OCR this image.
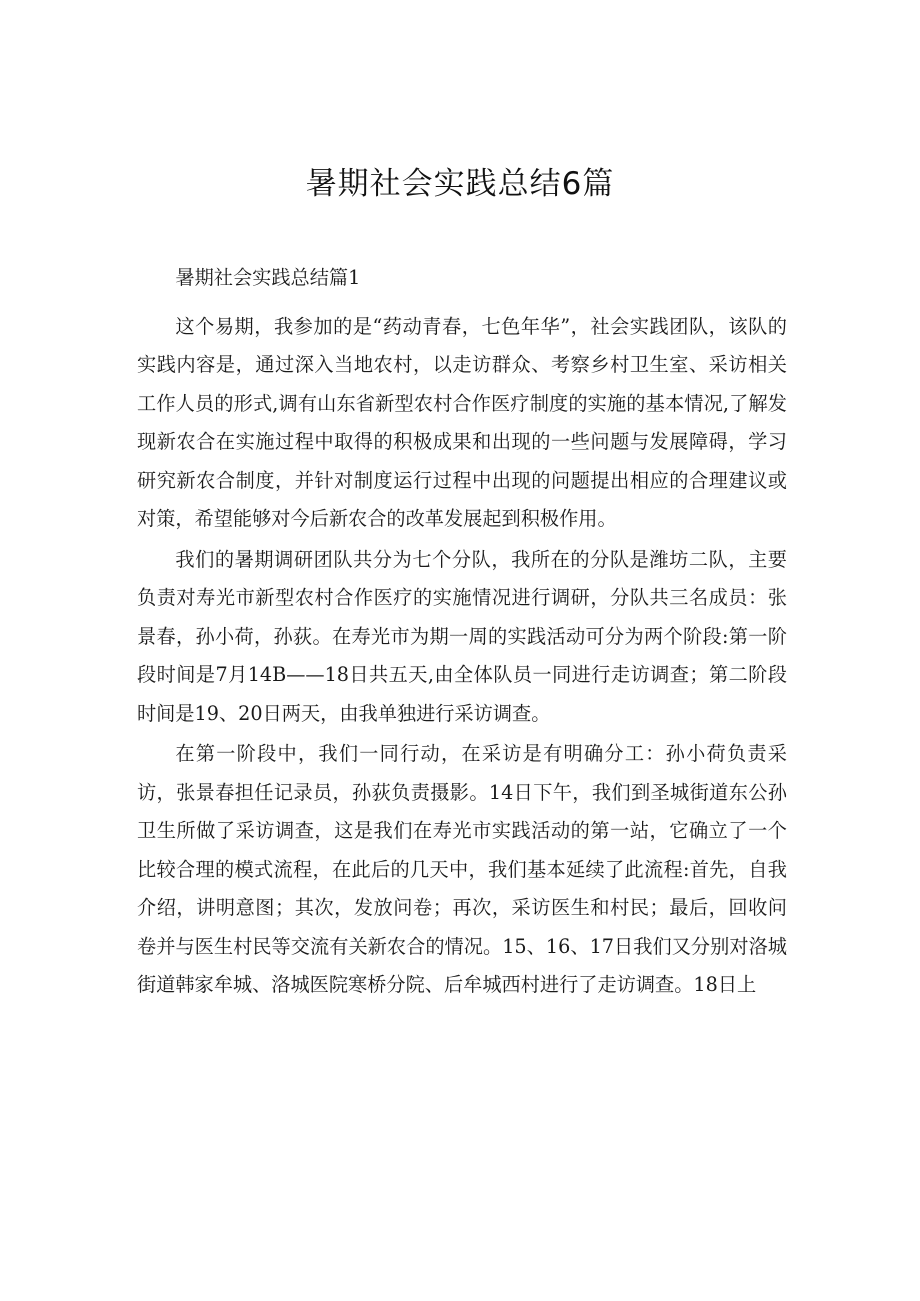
暑期社会实践总结6篇

暑期社会实践总结篇1

这个易期，我参加的是“药动青春，七色年华”，社会实践团队，该队的实践内容是，通过深入当地农村，以走访群众、考察乡村卫生室、采访相关工作人员的形式,调有山东省新型农村合作医疗制度的实施的基本情况,了解发现新农合在实施过程中取得的积极成果和出现的一些问题与发展障碍，学习研究新农合制度，并针对制度运行过程中出现的问题提出相应的合理建议或对策，希望能够对今后新农合的改革发展起到积极作用。

我们的暑期调研团队共分为七个分队，我所在的分队是潍坊二队，主要负责对寿光市新型农村合作医疗的实施情况进行调研，分队共三名成员：张景春，孙小荷，孙荻。在寿光市为期一周的实践活动可分为两个阶段:第一阶段时间是7月14B——18日共五天,由全体队员一同进行走访调查；第二阶段时间是19、20日两天，由我单独进行采访调查。

在第一阶段中，我们一同行动，在采访是有明确分工：孙小荷负责采访，张景春担任记录员，孙荻负责摄影。14日下午，我们到圣城街道东公孙卫生所做了采访调查，这是我们在寿光市实践活动的第一站，它确立了一个比较合理的模式流程，在此后的几天中，我们基本延续了此流程:首先，自我介绍，讲明意图；其次，发放问卷；再次，采访医生和村民；最后，回收问卷并与医生村民等交流有关新农合的情况。15、16、17日我们又分别对洛城街道韩家牟城、洛城医院寒桥分院、后牟城西村进行了走访调查。18日上
